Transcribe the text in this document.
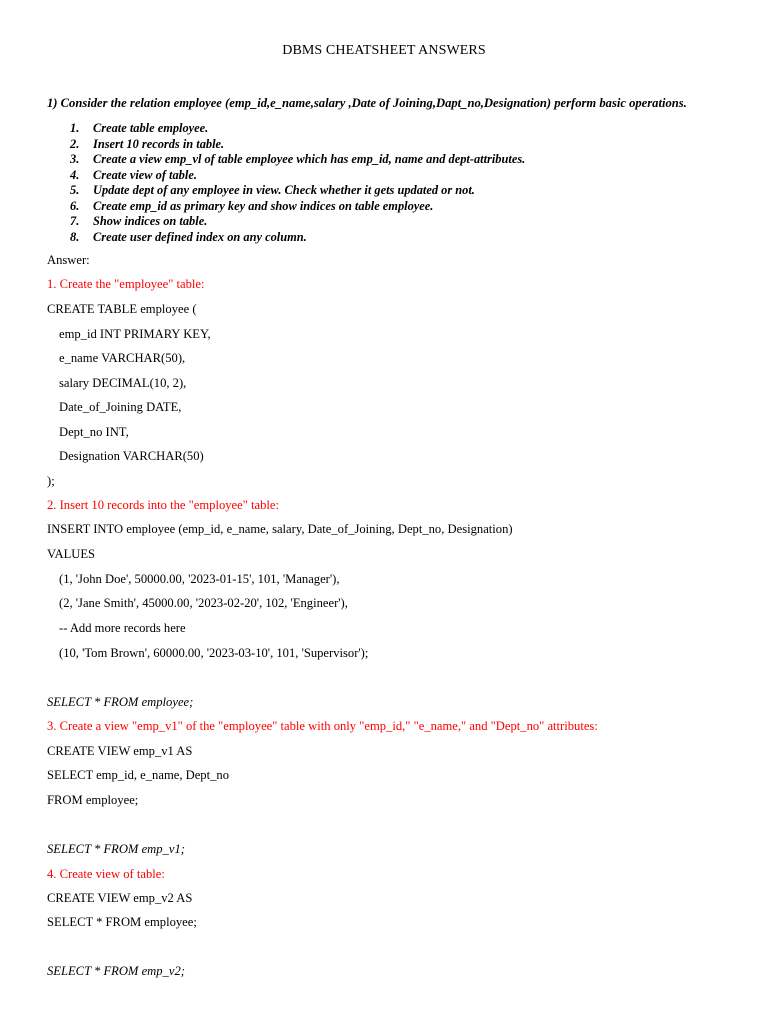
DBMS CHEATSHEET ANSWERS
1) Consider the relation employee (emp_id,e_name,salary ,Date of Joining,Dapt_no,Designation) perform basic operations.
1. Create table employee.
2. Insert 10 records in table.
3. Create a view emp_vl of table employee which has emp_id, name and dept-attributes.
4. Create view of table.
5. Update dept of any employee in view. Check whether it gets updated or not.
6. Create emp_id as primary key and show indices on table employee.
7. Show indices on table.
8. Create user defined index on any column.
Answer:
1. Create the "employee" table:
CREATE TABLE employee (
emp_id INT PRIMARY KEY,
e_name VARCHAR(50),
salary DECIMAL(10, 2),
Date_of_Joining DATE,
Dept_no INT,
Designation VARCHAR(50)
);
2. Insert 10 records into the "employee" table:
INSERT INTO employee (emp_id, e_name, salary, Date_of_Joining, Dept_no, Designation)
VALUES
(1, 'John Doe', 50000.00, '2023-01-15', 101, 'Manager'),
(2, 'Jane Smith', 45000.00, '2023-02-20', 102, 'Engineer'),
-- Add more records here
(10, 'Tom Brown', 60000.00, '2023-03-10', 101, 'Supervisor');
SELECT * FROM employee;
3. Create a view "emp_v1" of the "employee" table with only "emp_id," "e_name," and "Dept_no" attributes:
CREATE VIEW emp_v1 AS
SELECT emp_id, e_name, Dept_no
FROM employee;
SELECT * FROM emp_v1;
4. Create view of table:
CREATE VIEW emp_v2 AS
SELECT * FROM employee;
SELECT * FROM emp_v2;
